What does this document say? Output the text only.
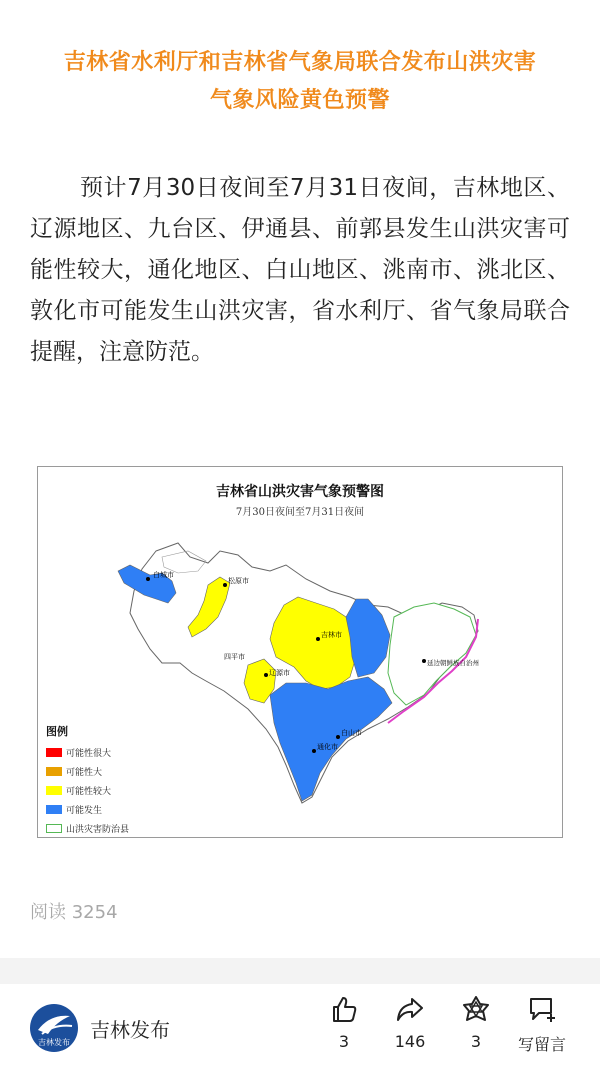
吉林省水利厅和吉林省气象局联合发布山洪灾害
气象风险黄色预警
预计7月30日夜间至7月31日夜间，吉林地区、辽源地区、九台区、伊通县、前郭县发生山洪灾害可能性较大，通化地区、白山地区、洮南市、洮北区、敦化市可能发生山洪灾害，省水利厅、省气象局联合提醒，注意防范。
白城市
松原市
吉林市
四平市
辽源市
白山市
通化市
延边朝鲜族自治州
吉林省山洪灾害气象预警图
7月30日夜间至7月31日夜间
图例
可能性很大
可能性大
可能性较大
可能发生
山洪灾害防治县
阅读 3254
吉林发布
吉林发布	3	146	3	写留言
